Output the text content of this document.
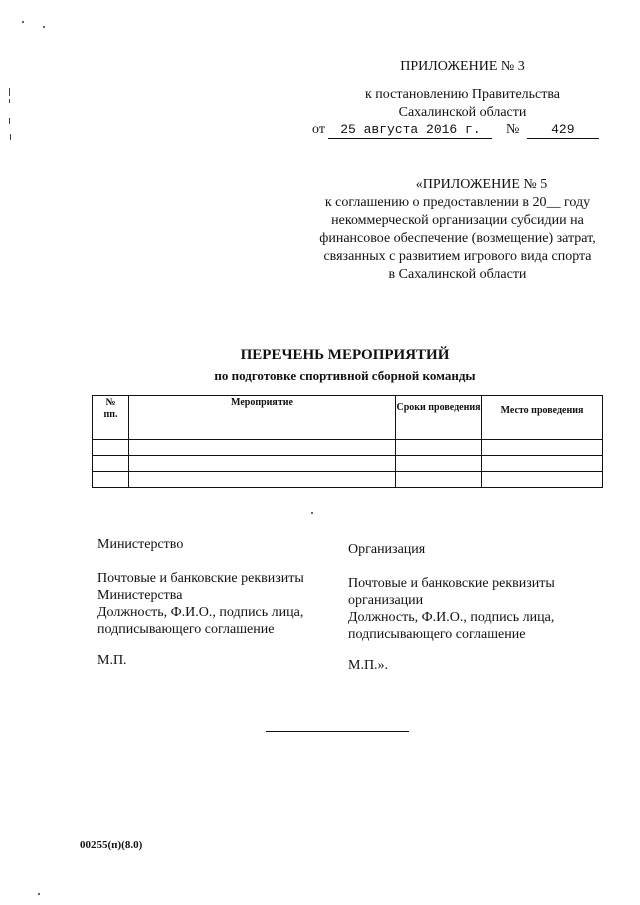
ПРИЛОЖЕНИЕ № 3
к постановлению Правительства
Сахалинской области
от 25 августа 2016 г. № 429
«ПРИЛОЖЕНИЕ № 5
к соглашению о предоставлении в 20__ году
некоммерческой организации субсидии на
финансовое обеспечение (возмещение) затрат,
связанных с развитием игрового вида спорта
в Сахалинской области
ПЕРЕЧЕНЬ МЕРОПРИЯТИЙ
по подготовке спортивной сборной команды
№ пп.	Мероприятие	Сроки проведения	Место проведения

Министерство
Почтовые и банковские реквизиты
Министерства
Должность, Ф.И.О., подпись лица,
подписывающего соглашение
М.П.
Организация
Почтовые и банковские реквизиты
организации
Должность, Ф.И.О., подпись лица,
подписывающего соглашение
М.П.».
00255(п)(8.0)
